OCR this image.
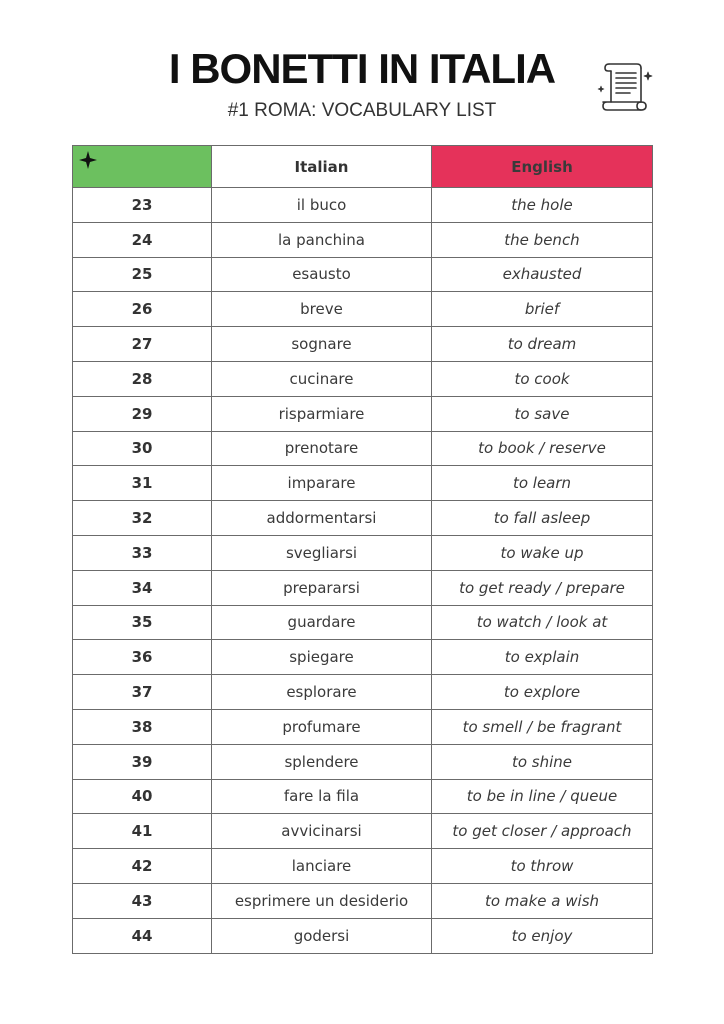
I BONETTI IN ITALIA

#1 ROMA: VOCABULARY LIST

	Italian	English
23	il buco	the hole
24	la panchina	the bench
25	esausto	exhausted
26	breve	brief
27	sognare	to dream
28	cucinare	to cook
29	risparmiare	to save
30	prenotare	to book / reserve
31	imparare	to learn
32	addormentarsi	to fall asleep
33	svegliarsi	to wake up
34	prepararsi	to get ready / prepare
35	guardare	to watch / look at
36	spiegare	to explain
37	esplorare	to explore
38	profumare	to smell / be fragrant
39	splendere	to shine
40	fare la fila	to be in line / queue
41	avvicinarsi	to get closer / approach
42	lanciare	to throw
43	esprimere un desiderio	to make a wish
44	godersi	to enjoy
